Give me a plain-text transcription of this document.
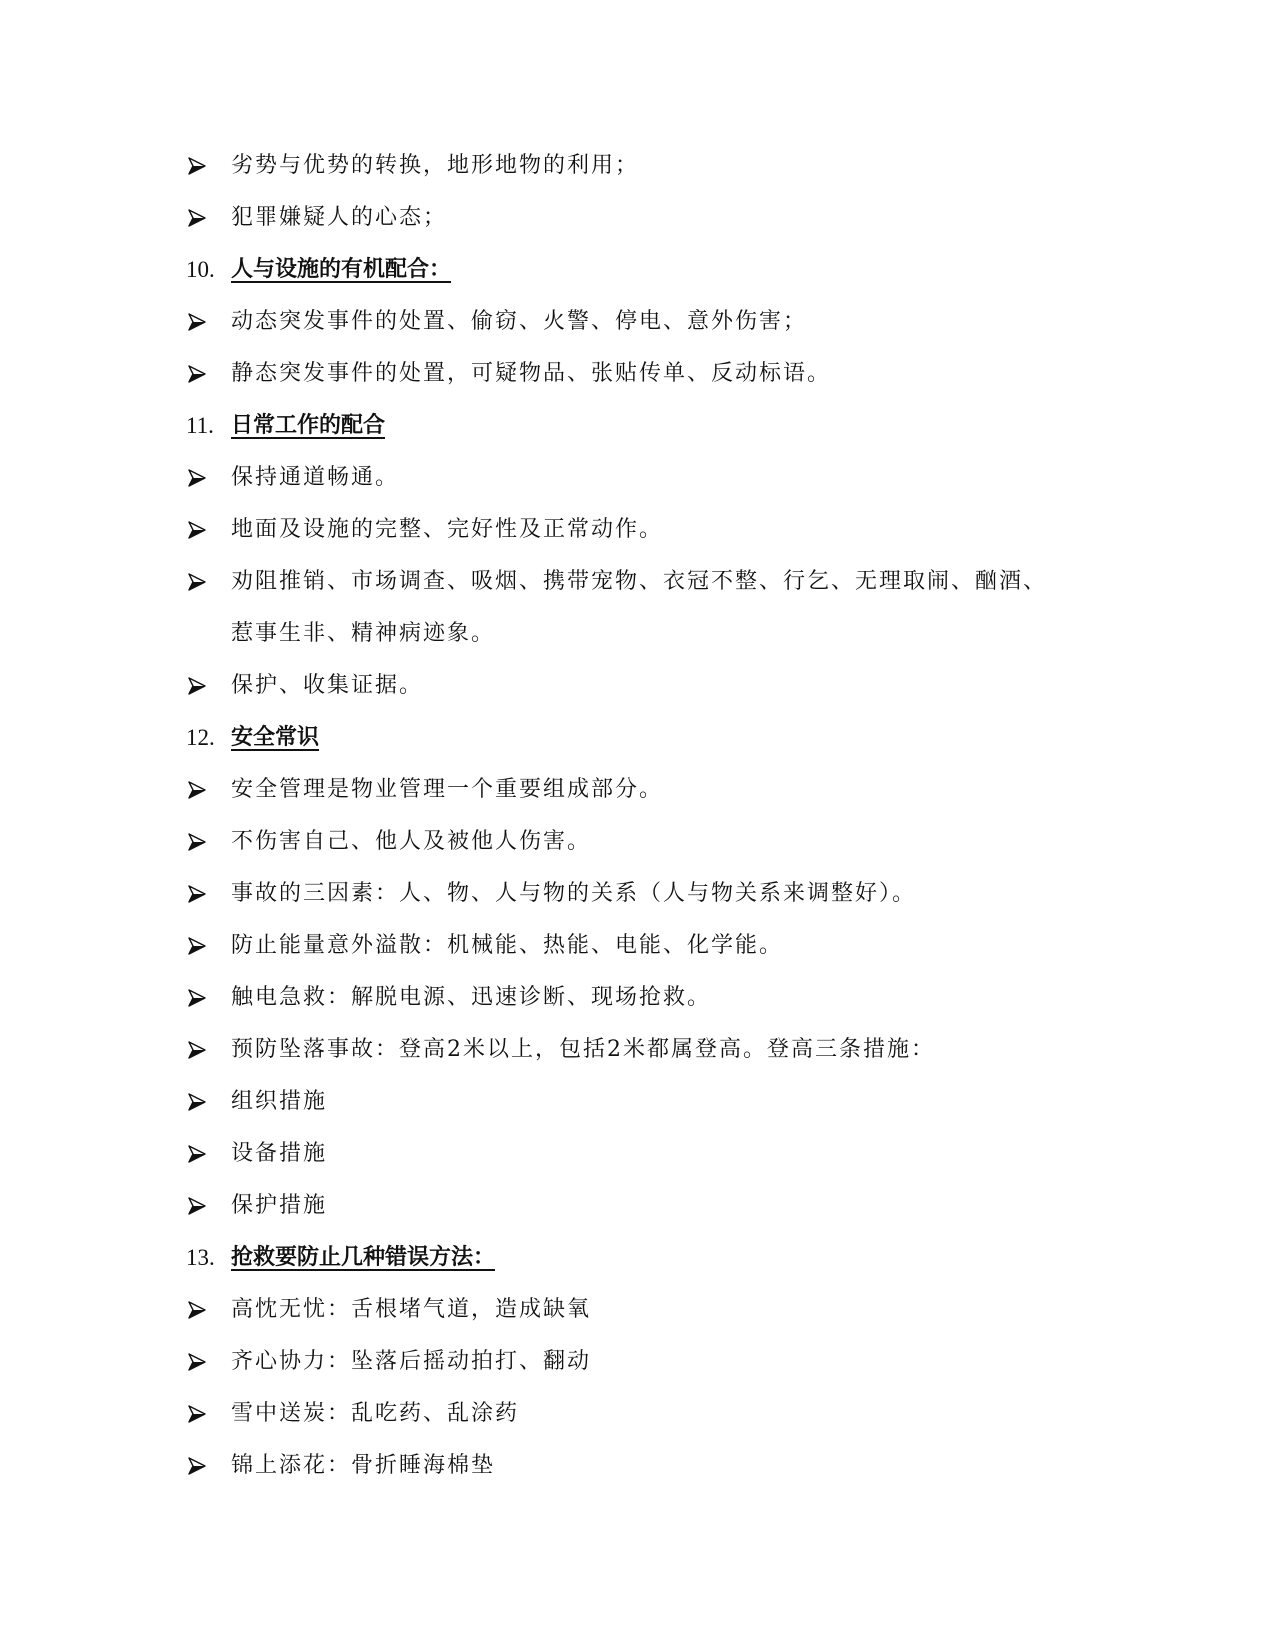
劣势与优势的转换，地形地物的利用；
犯罪嫌疑人的心态；
10. 人与设施的有机配合：
动态突发事件的处置、偷窃、火警、停电、意外伤害；
静态突发事件的处置，可疑物品、张贴传单、反动标语。
11. 日常工作的配合
保持通道畅通。
地面及设施的完整、完好性及正常动作。
劝阻推销、市场调查、吸烟、携带宠物、衣冠不整、行乞、无理取闹、酗酒、
惹事生非、精神病迹象。
保护、收集证据。
12. 安全常识
安全管理是物业管理一个重要组成部分。
不伤害自己、他人及被他人伤害。
事故的三因素：人、物、人与物的关系（人与物关系来调整好）。
防止能量意外溢散：机械能、热能、电能、化学能。
触电急救：解脱电源、迅速诊断、现场抢救。
预防坠落事故：登高2米以上，包括2米都属登高。登高三条措施：
组织措施
设备措施
保护措施
13. 抢救要防止几种错误方法：
高忱无忧：舌根堵气道，造成缺氧
齐心协力：坠落后摇动拍打、翻动
雪中送炭：乱吃药、乱涂药
锦上添花：骨折睡海棉垫
